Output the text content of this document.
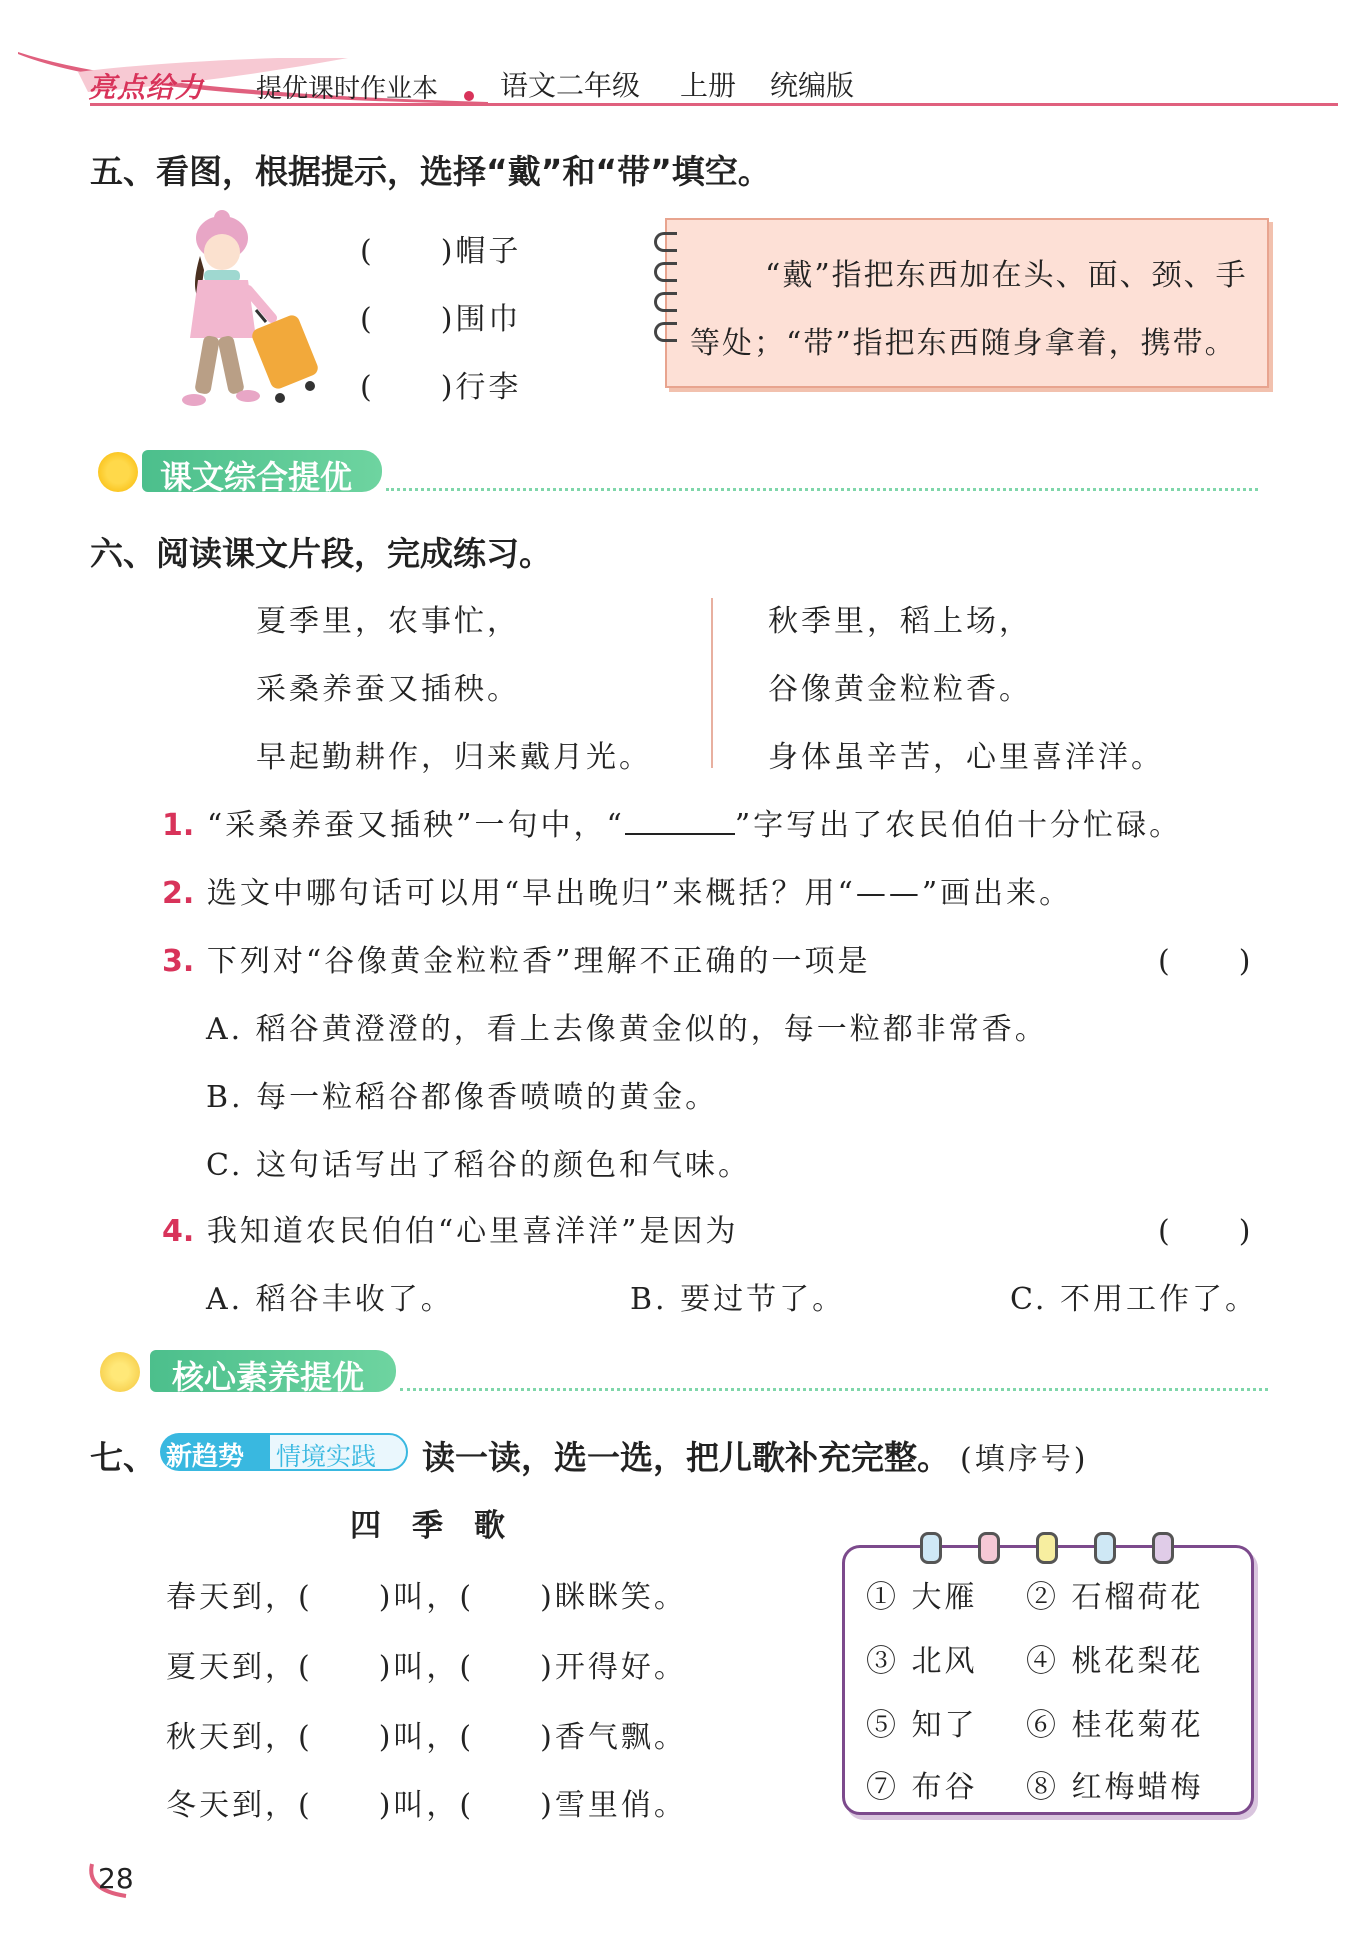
亮点给力 提优课时作业本 语文二年级 上册 统编版
五、看图，根据提示，选择“戴”和“带”填空。
(　　)帽子
(　　)围巾
(　　)行李
“戴”指把东西加在头、面、颈、手
等处；“带”指把东西随身拿着，携带。
课文综合提优
六、阅读课文片段，完成练习。
夏季里，农事忙，
采桑养蚕又插秧。
早起勤耕作，归来戴月光。
秋季里，稻上场，
谷像黄金粒粒香。
身体虽辛苦，心里喜洋洋。
1. “采桑养蚕又插秧”一句中，“	”字写出了农民伯伯十分忙碌。
2. 选文中哪句话可以用“早出晚归”来概括？用“——”画出来。
3. 下列对“谷像黄金粒粒香”理解不正确的一项是	(　　)
A. 稻谷黄澄澄的，看上去像黄金似的，每一粒都非常香。
B. 每一粒稻谷都像香喷喷的黄金。
C. 这句话写出了稻谷的颜色和气味。
4. 我知道农民伯伯“心里喜洋洋”是因为	(　　)
A. 稻谷丰收了。	B. 要过节了。	C. 不用工作了。
核心素养提优
七、 新趋势 情境实践 读一读，选一选，把儿歌补充完整。 (填序号)
四　季　歌
春天到，(　　)叫，(　　)眯眯笑。
夏天到，(　　)叫，(　　)开得好。
秋天到，(　　)叫，(　　)香气飘。
冬天到，(　　)叫，(　　)雪里俏。
① 大雁 ② 石榴荷花
③ 北风 ④ 桃花梨花
⑤ 知了 ⑥ 桂花菊花
⑦ 布谷 ⑧ 红梅蜡梅
28
